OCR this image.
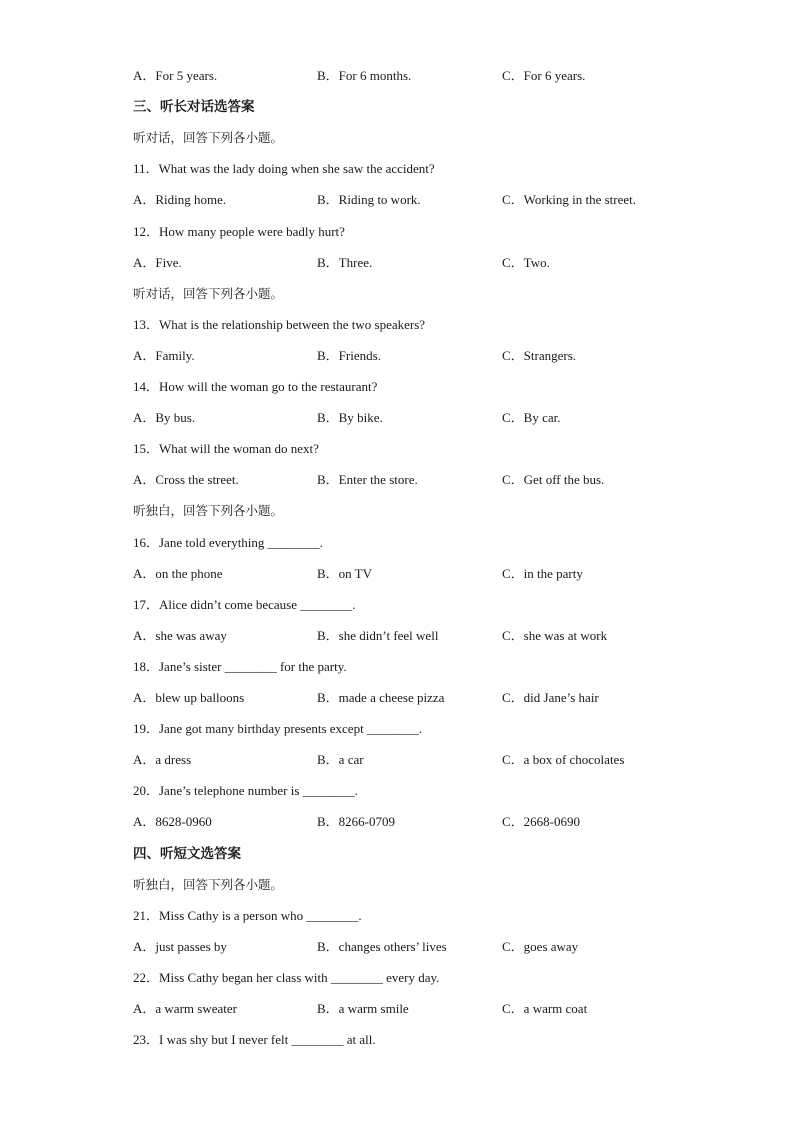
A．For 5 years.	B．For 6 months.	C．For 6 years.
三、听长对话选答案
听对话，回答下列各小题。
11．What was the lady doing when she saw the accident?
A．Riding home.	B．Riding to work.	C．Working in the street.
12．How many people were badly hurt?
A．Five.	B．Three.	C．Two.
听对话，回答下列各小题。
13．What is the relationship between the two speakers?
A．Family.	B．Friends.	C．Strangers.
14．How will the woman go to the restaurant?
A．By bus.	B．By bike.	C．By car.
15．What will the woman do next?
A．Cross the street.	B．Enter the store.	C．Get off the bus.
听独白，回答下列各小题。
16．Jane told everything ________.
A．on the phone	B．on TV	C．in the party
17．Alice didn’t come because ________.
A．she was away	B．she didn’t feel well	C．she was at work
18．Jane’s sister ________ for the party.
A．blew up balloons	B．made a cheese pizza	C．did Jane’s hair
19．Jane got many birthday presents except ________.
A．a dress	B．a car	C．a box of chocolates
20．Jane’s telephone number is ________.
A．8628-0960	B．8266-0709	C．2668-0690
四、听短文选答案
听独白，回答下列各小题。
21．Miss Cathy is a person who ________.
A．just passes by	B．changes others’ lives	C．goes away
22．Miss Cathy began her class with ________ every day.
A．a warm sweater	B．a warm smile	C．a warm coat
23．I was shy but I never felt ________ at all.
